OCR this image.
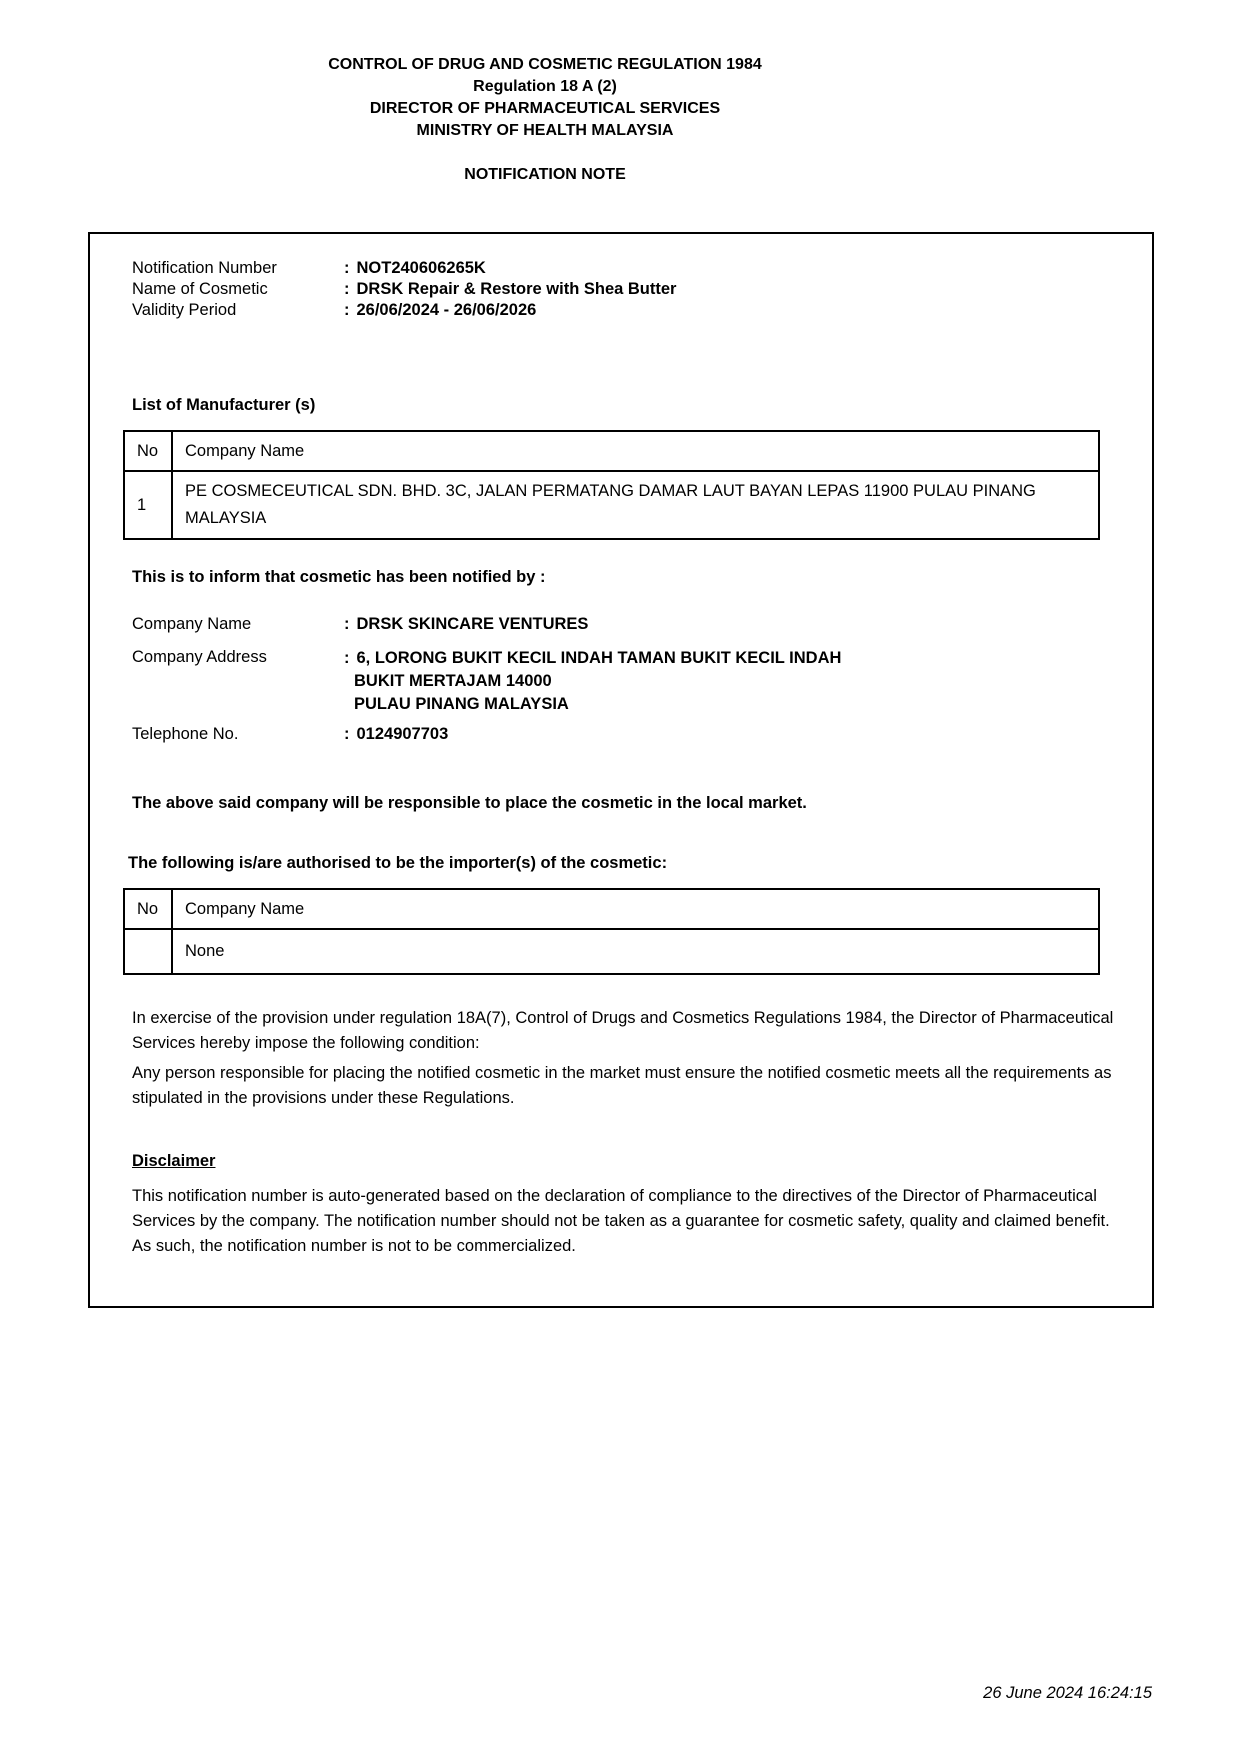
CONTROL OF DRUG AND COSMETIC REGULATION 1984
Regulation 18 A (2)
DIRECTOR OF PHARMACEUTICAL SERVICES
MINISTRY OF HEALTH MALAYSIA
NOTIFICATION NOTE
Notification Number	: NOT240606265K
Name of Cosmetic	: DRSK Repair & Restore with Shea Butter
Validity Period	: 26/06/2024 - 26/06/2026
List of Manufacturer (s)
No	Company Name
1	PE COSMECEUTICAL SDN. BHD. 3C, JALAN PERMATANG DAMAR LAUT BAYAN LEPAS 11900 PULAU PINANG MALAYSIA
This is to inform that cosmetic has been notified by :
Company Name	: DRSK SKINCARE VENTURES
Company Address	: 6, LORONG BUKIT KECIL INDAH TAMAN BUKIT KECIL INDAH
BUKIT MERTAJAM 14000
PULAU PINANG MALAYSIA
Telephone No.	: 0124907703
The above said company will be responsible to place the cosmetic in the local market.
The following is/are authorised to be the importer(s) of the cosmetic:
No	Company Name
	None
In exercise of the provision under regulation 18A(7), Control of Drugs and Cosmetics Regulations 1984, the Director of Pharmaceutical Services hereby impose the following condition:
Any person responsible for placing the notified cosmetic in the market must ensure the notified cosmetic meets all the requirements as stipulated in the provisions under these Regulations.
Disclaimer
This notification number is auto-generated based on the declaration of compliance to the directives of the Director of Pharmaceutical Services by the company. The notification number should not be taken as a guarantee for cosmetic safety, quality and claimed benefit. As such, the notification number is not to be commercialized.
26 June 2024 16:24:15
